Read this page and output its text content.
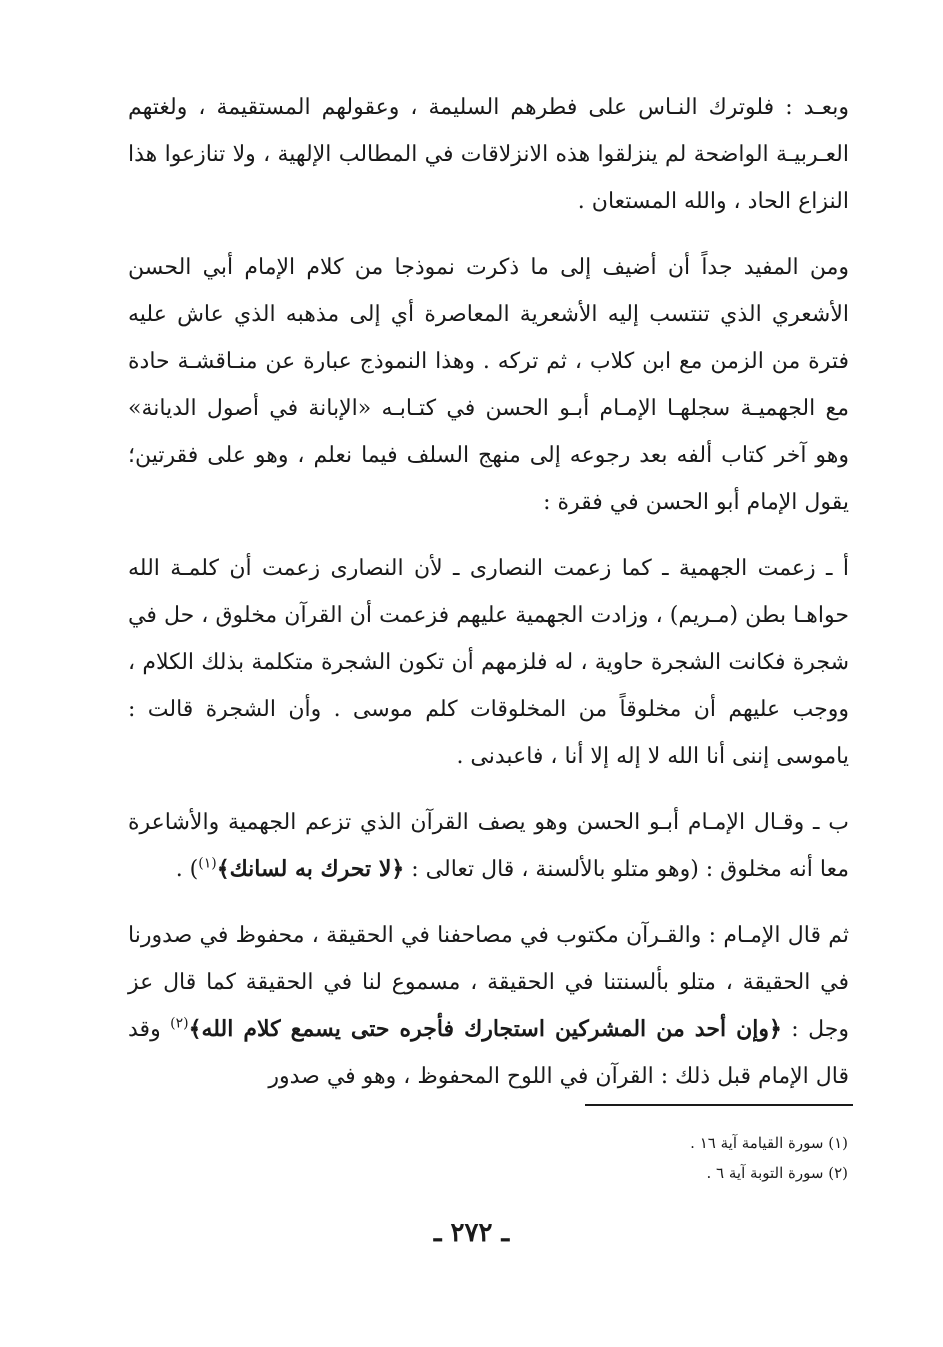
وبعـد : فلوترك النـاس على فطرهم السليمة ، وعقولهم المستقيمة ، ولغتهم العـربيـة الواضحة لم ينزلقوا هذه الانزلاقات في المطالب الإلهية ، ولا تنازعوا هذا النزاع الحاد ، والله المستعان .

ومن المفيد جداً أن أضيف إلى ما ذكرت نموذجا من كلام الإمام أبي الحسن الأشعري الذي تنتسب إليه الأشعرية المعاصرة أي إلى مذهبه الذي عاش عليه فترة من الزمن مع ابن كلاب ، ثم تركه . وهذا النموذج عبارة عن منـاقشـة حادة مع الجهميـة سجلهـا الإمـام أبـو الحسن في كتـابـه «الإبانة في أصول الديانة» وهو آخر كتاب ألفه بعد رجوعه إلى منهج السلف فيما نعلم ، وهو على فقرتين؛ يقول الإمام أبو الحسن في فقرة :

أ ـ زعمت الجهمية ـ كما زعمت النصارى ـ لأن النصارى زعمت أن كلمـة الله حواهـا بطن (مـريم) ، وزادت الجهمية عليهم فزعمت أن القرآن مخلوق ، حل في شجرة فكانت الشجرة حاوية ، له فلزمهم أن تكون الشجرة متكلمة بذلك الكلام ، ووجب عليهم أن مخلوقاً من المخلوقات كلم موسى . وأن الشجرة قالت : ياموسى إننى أنا الله لا إله إلا أنا ، فاعبدنى .

ب ـ وقـال الإمـام أبـو الحسن وهو يصف القرآن الذي تزعم الجهمية والأشاعرة معا أنه مخلوق : (وهو متلو بالألسنة ، قال تعالى : ﴿لا تحرك به لسانك﴾$^{(١)}$) .

ثم قال الإمـام : والقـرآن مكتوب في مصاحفنا في الحقيقة ، محفوظ في صدورنا في الحقيقة ، متلو بألسنتنا في الحقيقة ، مسموع لنا في الحقيقة كما قال عز وجل : ﴿وإن أحد من المشركين استجارك فأجره حتى يسمع كلام الله﴾$^{(٢)}$ وقد قال الإمام قبل ذلك : القرآن في اللوح المحفوظ ، وهو في صدور

(١) سورة القيامة آية ١٦ .

(٢) سورة التوبة آية ٦ .

ـ ٢٧٢ ـ
